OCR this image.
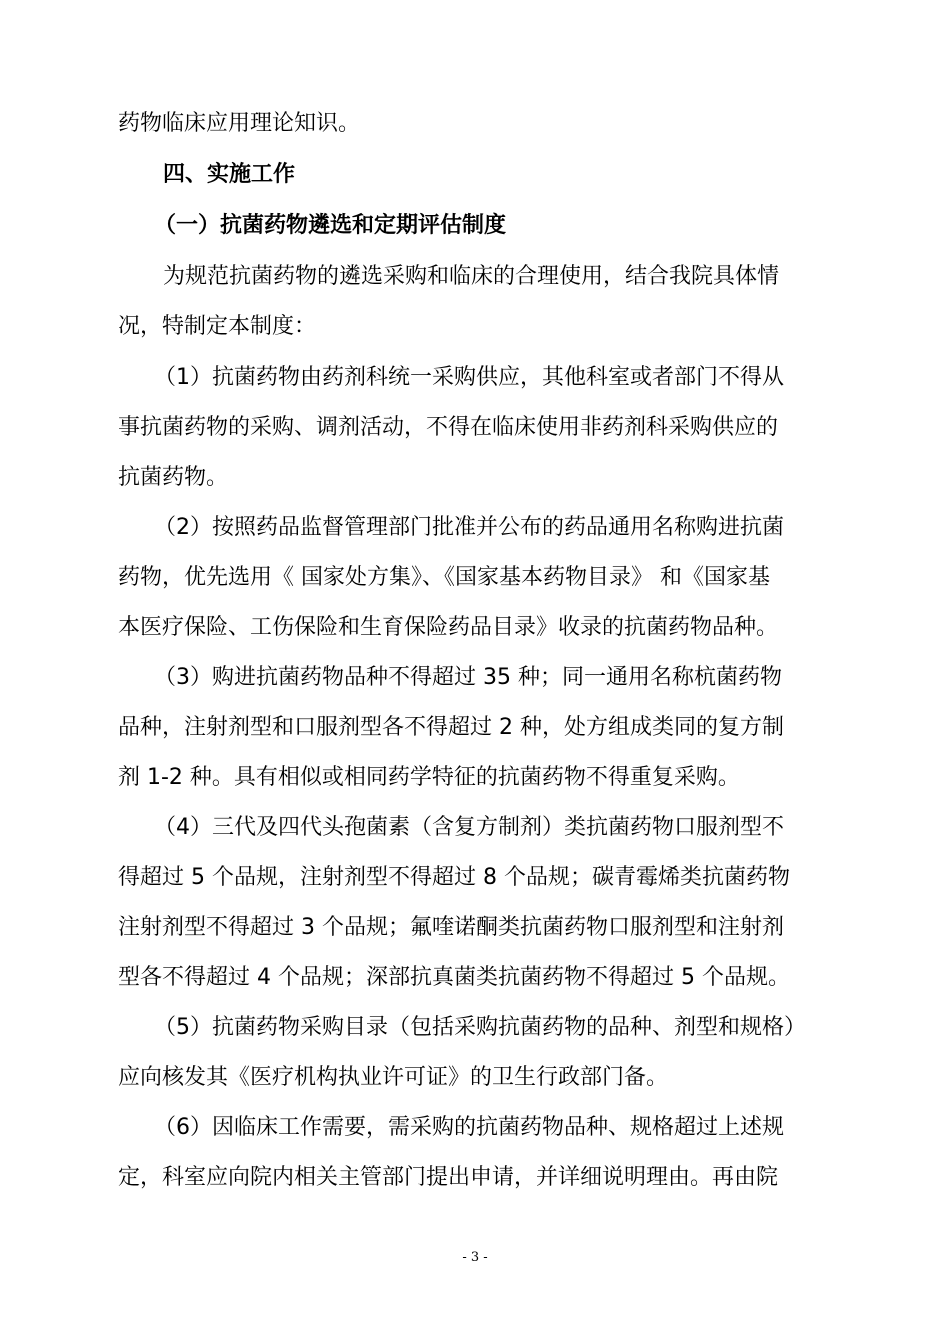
药物临床应用理论知识。
四、实施工作
（一）抗菌药物遴选和定期评估制度
为规范抗菌药物的遴选采购和临床的合理使用，结合我院具体情
况，特制定本制度：
（1）抗菌药物由药剂科统一采购供应，其他科室或者部门不得从
事抗菌药物的采购、调剂活动，不得在临床使用非药剂科采购供应的
抗菌药物。
（2）按照药品监督管理部门批准并公布的药品通用名称购进抗菌
药物，优先选用《 国家处方集》、《国家基本药物目录》 和《国家基
本医疗保险、工伤保险和生育保险药品目录》收录的抗菌药物品种。
（3）购进抗菌药物品种不得超过 35 种；同一通用名称杭菌药物
品种，注射剂型和口服剂型各不得超过 2 种，处方组成类同的复方制
剂 1-2 种。具有相似或相同药学特征的抗菌药物不得重复采购。
（4）三代及四代头孢菌素（含复方制剂）类抗菌药物口服剂型不
得超过 5 个品规，注射剂型不得超过 8 个品规；碳青霉烯类抗菌药物
注射剂型不得超过 3 个品规；氟喹诺酮类抗菌药物口服剂型和注射剂
型各不得超过 4 个品规；深部抗真菌类抗菌药物不得超过 5 个品规。
（5）抗菌药物采购目录（包括采购抗菌药物的品种、剂型和规格）
应向核发其《医疗机构执业许可证》的卫生行政部门备。
（6）因临床工作需要，需采购的抗菌药物品种、规格超过上述规
定，科室应向院内相关主管部门提出申请，并详细说明理由。再由院
- 3 -
